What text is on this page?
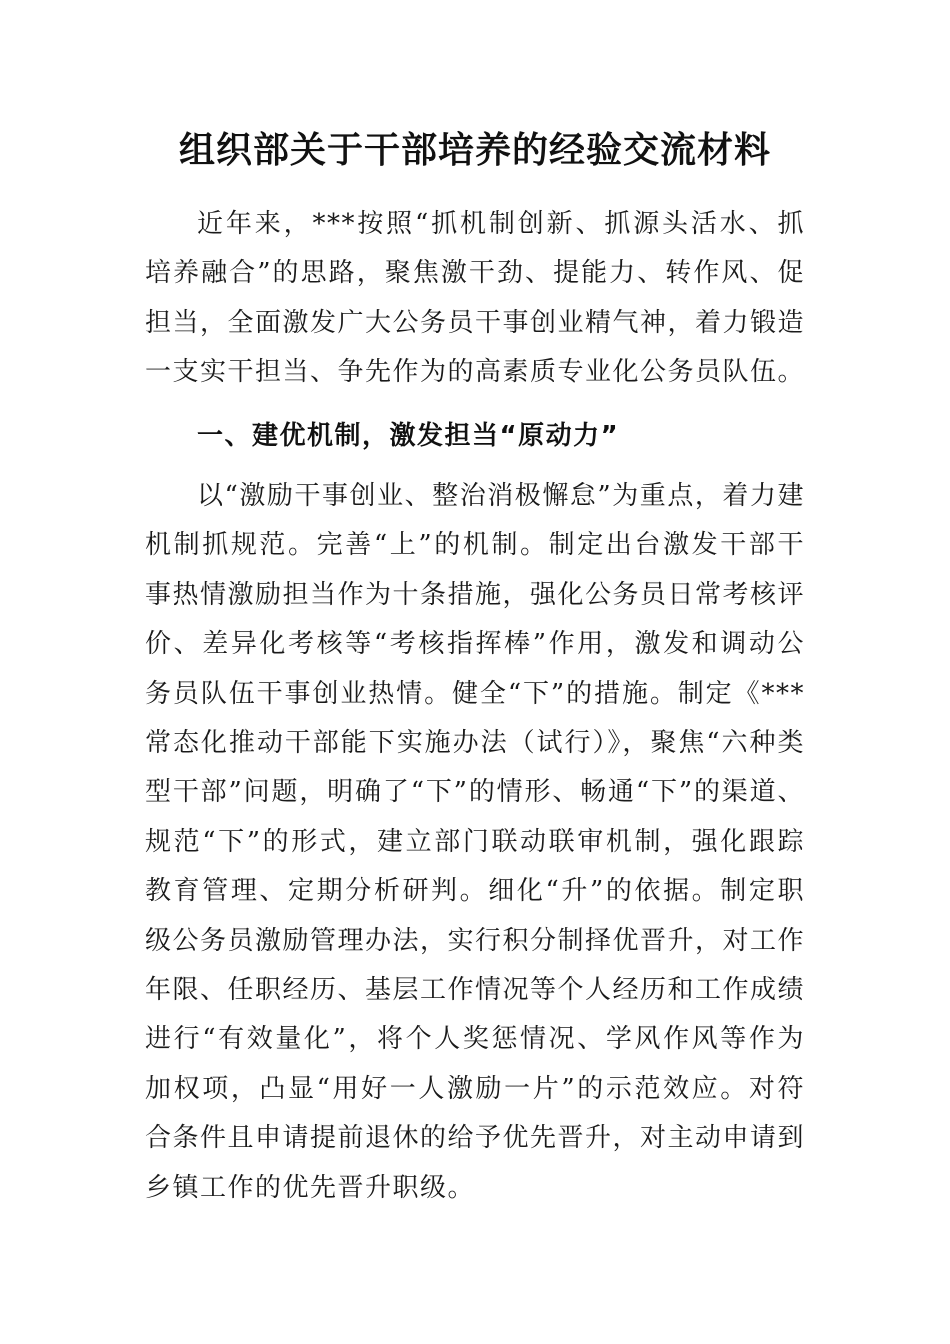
组织部关于干部培养的经验交流材料

近年来，***按照“抓机制创新、抓源头活水、抓培养融合”的思路，聚焦激干劲、提能力、转作风、促担当，全面激发广大公务员干事创业精气神，着力锻造一支实干担当、争先作为的高素质专业化公务员队伍。

一、建优机制，激发担当“原动力”

以“激励干事创业、整治消极懈怠”为重点，着力建机制抓规范。完善“上”的机制。制定出台激发干部干事热情激励担当作为十条措施，强化公务员日常考核评价、差异化考核等“考核指挥棒”作用，激发和调动公务员队伍干事创业热情。健全“下”的措施。制定《***常态化推动干部能下实施办法（试行）》，聚焦“六种类型干部”问题，明确了“下”的情形、畅通“下”的渠道、规范“下”的形式，建立部门联动联审机制，强化跟踪教育管理、定期分析研判。细化“升”的依据。制定职级公务员激励管理办法，实行积分制择优晋升，对工作年限、任职经历、基层工作情况等个人经历和工作成绩进行“有效量化”，将个人奖惩情况、学风作风等作为加权项，凸显“用好一人激励一片”的示范效应。对符合条件且申请提前退休的给予优先晋升，对主动申请到乡镇工作的优先晋升职级。
